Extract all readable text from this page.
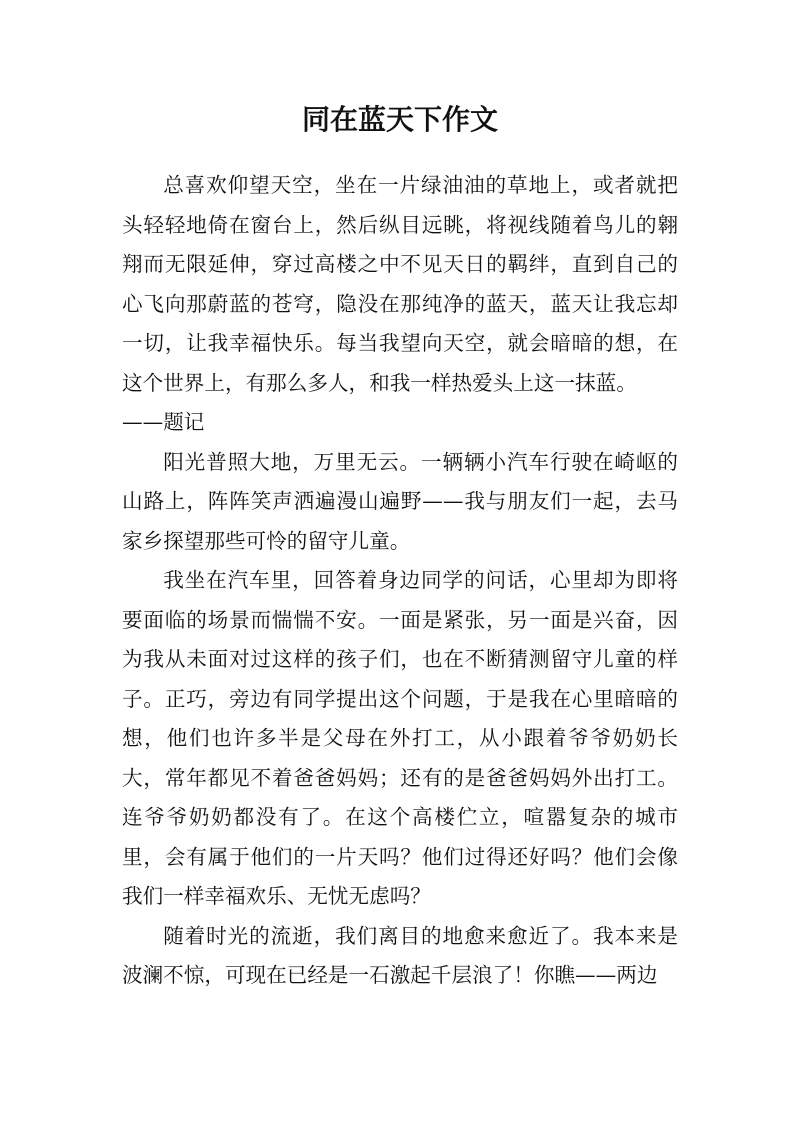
同在蓝天下作文

总喜欢仰望天空，坐在一片绿油油的草地上，或者就把头轻轻地倚在窗台上，然后纵目远眺，将视线随着鸟儿的翱翔而无限延伸，穿过高楼之中不见天日的羁绊，直到自己的心飞向那蔚蓝的苍穹，隐没在那纯净的蓝天，蓝天让我忘却一切，让我幸福快乐。每当我望向天空，就会暗暗的想，在这个世界上，有那么多人，和我一样热爱头上这一抹蓝。

——题记

阳光普照大地，万里无云。一辆辆小汽车行驶在崎岖的山路上，阵阵笑声洒遍漫山遍野——我与朋友们一起，去马家乡探望那些可怜的留守儿童。

我坐在汽车里，回答着身边同学的问话，心里却为即将要面临的场景而惴惴不安。一面是紧张，另一面是兴奋，因为我从未面对过这样的孩子们，也在不断猜测留守儿童的样子。正巧，旁边有同学提出这个问题，于是我在心里暗暗的想，他们也许多半是父母在外打工，从小跟着爷爷奶奶长大，常年都见不着爸爸妈妈；还有的是爸爸妈妈外出打工。连爷爷奶奶都没有了。在这个高楼伫立，喧嚣复杂的城市里，会有属于他们的一片天吗？他们过得还好吗？他们会像我们一样幸福欢乐、无忧无虑吗？

随着时光的流逝，我们离目的地愈来愈近了。我本来是波澜不惊，可现在已经是一石激起千层浪了！你瞧——两边
